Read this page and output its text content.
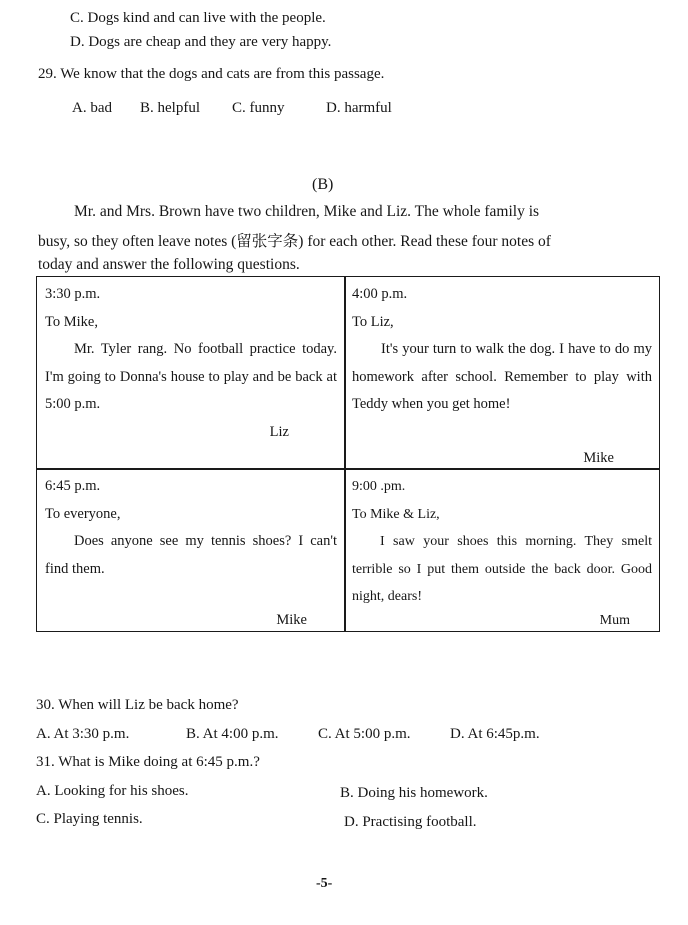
C. Dogs kind and can live with the people.
D. Dogs are cheap and they are very happy.
29. We know that the dogs and cats are from this passage.
A. bad B. helpful C. funny	D. harmful
(B)
Mr. and Mrs. Brown have two children, Mike and Liz. The whole family is
busy, so they often leave notes (留张字条) for each other. Read these four notes of
today and answer the following questions.

3:30 p.m.

To Mike,

Mr. Tyler rang. No football practice today. I'm going to Donna's house to play and be back at 5:00 p.m.

Liz

4:00 p.m.

To Liz,

It's your turn to walk the dog. I have to do my homework after school. Remember to play with Teddy when you get home!

Mike

6:45 p.m.

To everyone,

Does anyone see my tennis shoes? I can't find them.

Mike

9:00 .pm.

To Mike & Liz,

I saw your shoes this morning. They smelt terrible so I put them outside the back door. Good night, dears!

Mum
30. When will Liz be back home?
A. At 3:30 p.m.	B. At 4:00 p.m.	C. At 5:00 p.m.	D. At 6:45p.m.
31. What is Mike doing at 6:45 p.m.?
A. Looking for his shoes.	B. Doing his homework.
C. Playing tennis.	D. Practising football.
-5-
